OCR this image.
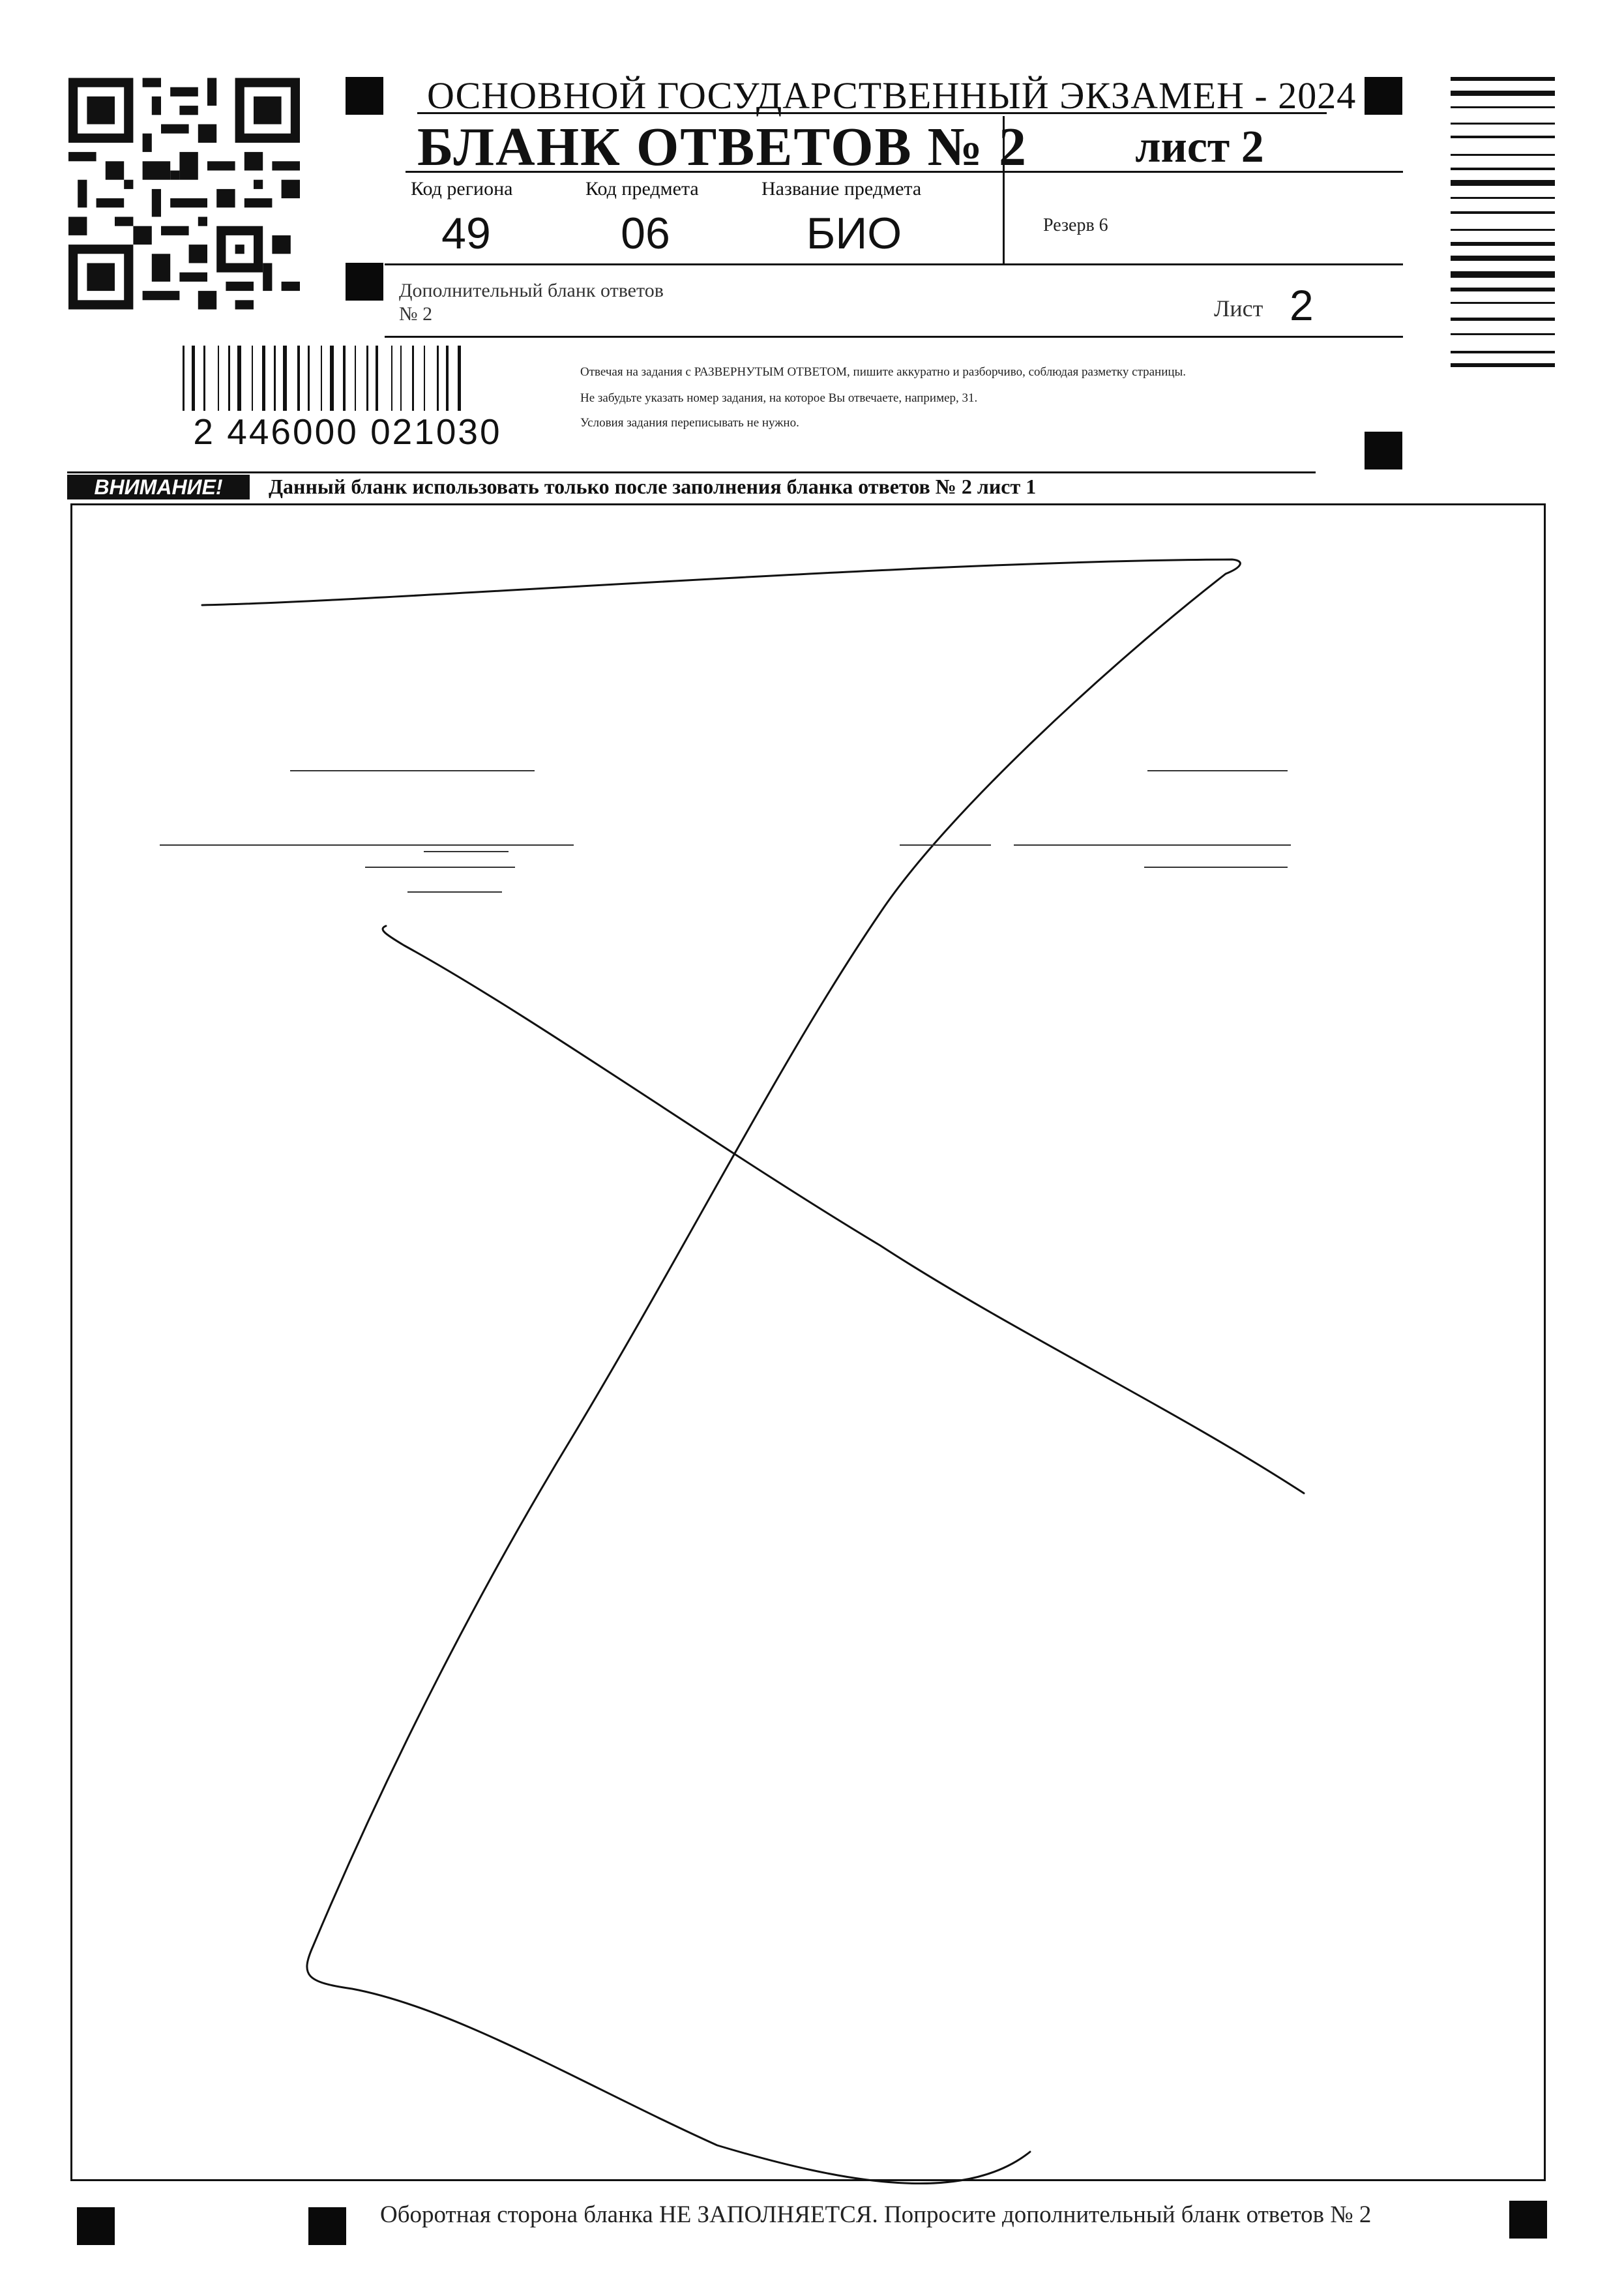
ОСНОВНОЙ ГОСУДАРСТВЕННЫЙ ЭКЗАМЕН - 2024
БЛАНК ОТВЕТОВ № 2	лист 2
Код региона
49
Код предмета
06
Название предмета
БИО	Резерв 6
Дополнительный бланк ответов № 2	Лист 2
Отвечая на задания с РАЗВЕРНУТЫМ ОТВЕТОМ, пишите аккуратно и разборчиво, соблюдая разметку страницы.
Не забудьте указать номер задания, на которое Вы отвечаете, например, 31.
Условия задания переписывать не нужно.
2 446000 021030
ВНИМАНИЕ!	Данный бланк использовать только после заполнения бланка ответов № 2 лист 1
Оборотная сторона бланка НЕ ЗАПОЛНЯЕТСЯ. Попросите дополнительный бланк ответов № 2
